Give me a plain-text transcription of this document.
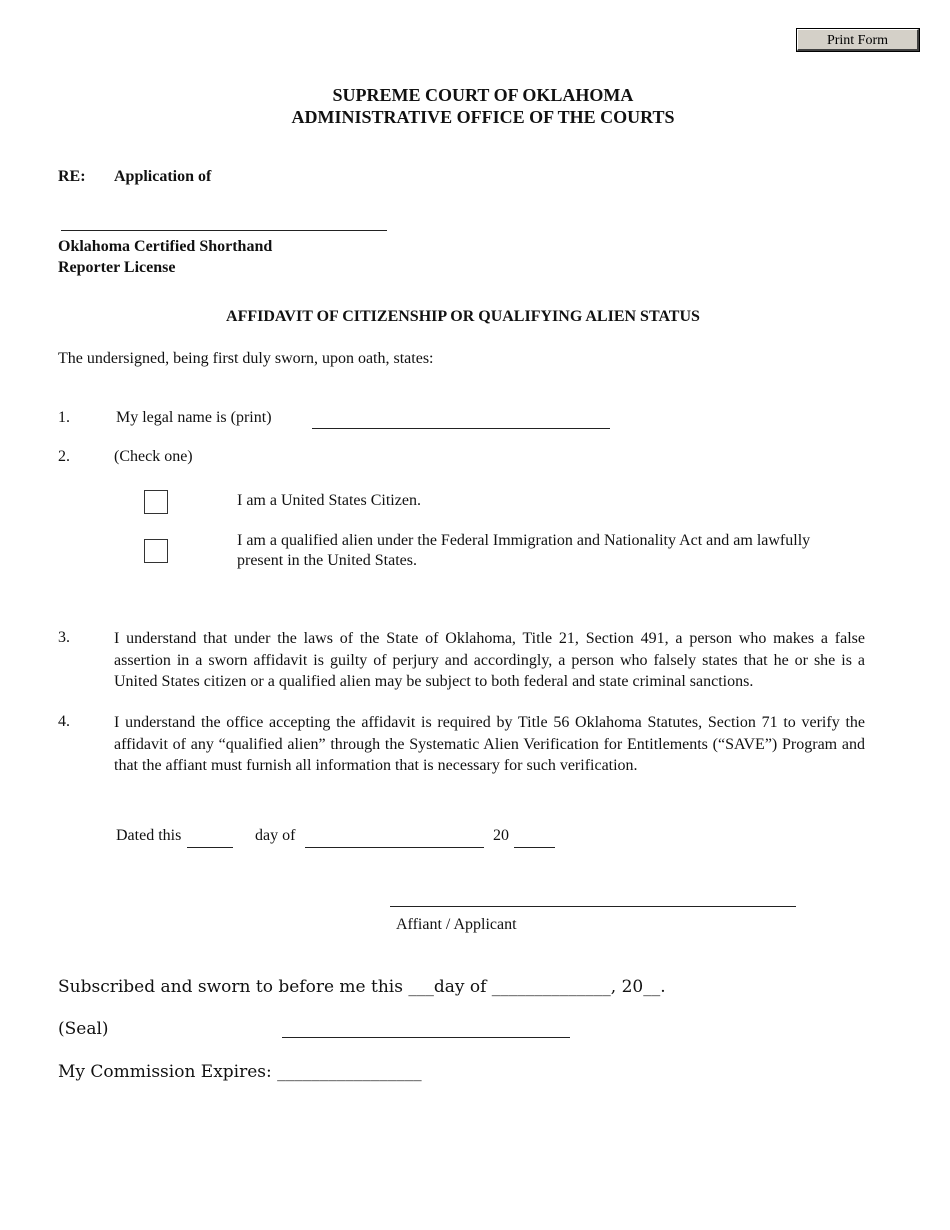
Print Form
SUPREME COURT OF OKLAHOMA
ADMINISTRATIVE OFFICE OF THE COURTS
RE: Application of
Oklahoma Certified Shorthand
Reporter License
AFFIDAVIT OF CITIZENSHIP OR QUALIFYING ALIEN STATUS
The undersigned, being first duly sworn, upon oath, states:
1.	My legal name is (print)
2.	(Check one)
I am a United States Citizen.
I am a qualified alien under the Federal Immigration and Nationality Act and am lawfully present in the United States.
3.	I understand that under the laws of the State of Oklahoma, Title 21, Section 491, a person who makes a false assertion in a sworn affidavit is guilty of perjury and accordingly, a person who falsely states that he or she is a United States citizen or a qualified alien may be subject to both federal and state criminal sanctions.
4.	I understand the office accepting the affidavit is required by Title 56 Oklahoma Statutes, Section 71 to verify the affidavit of any “qualified alien” through the Systematic Alien Verification for Entitlements (“SAVE”) Program and that the affiant must furnish all information that is necessary for such verification.
Dated this	day of	20
Affiant / Applicant
Subscribed and sworn to before me this ___day of ______________, 20__.
(Seal)
My Commission Expires: _________________
